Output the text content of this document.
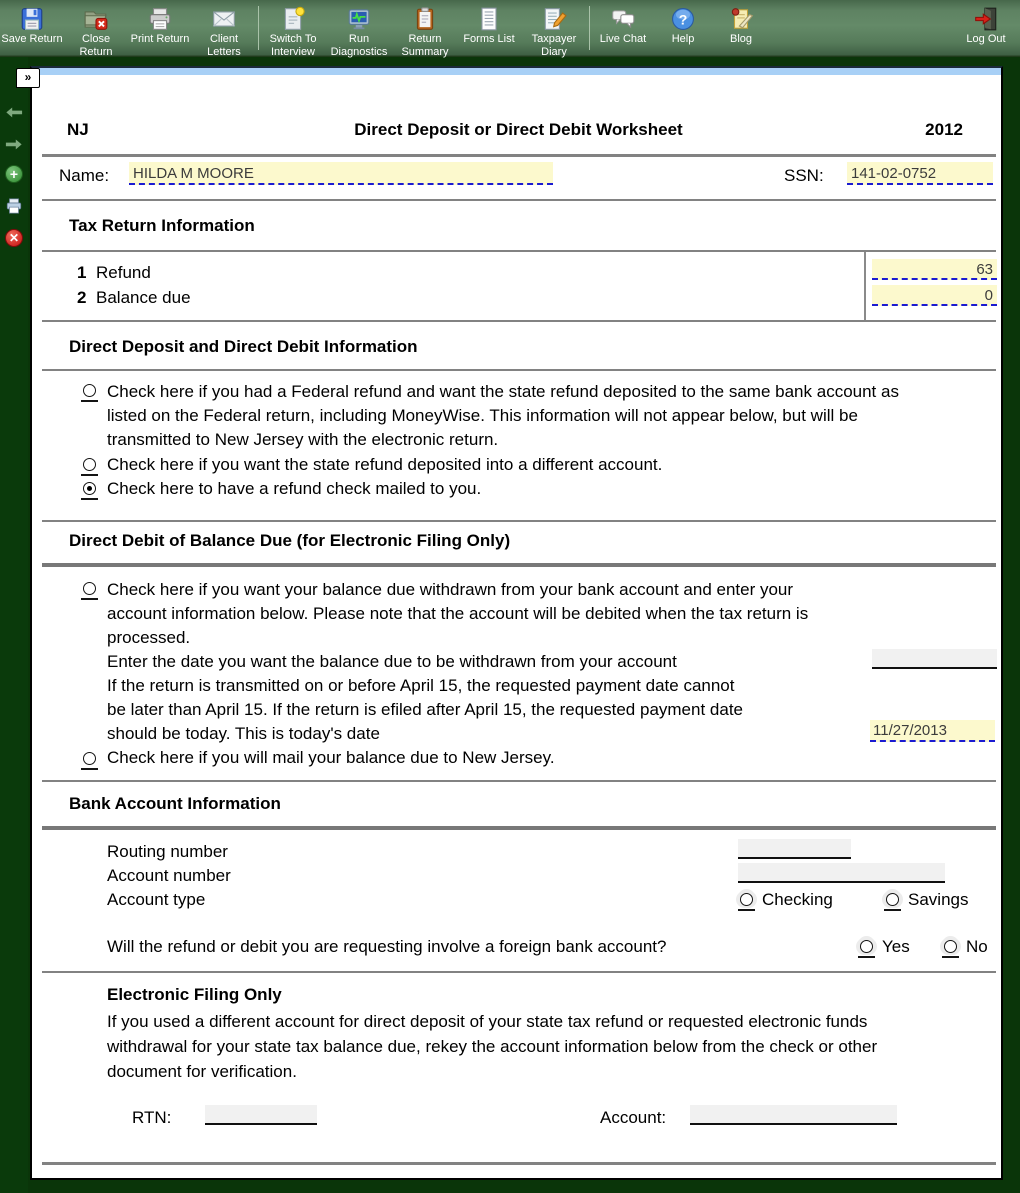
Save Return	Close Return
Print Return	Client Letters
Switch To Interview
Run Diagnostics
Return Summary
Forms List	Taxpayer Diary
Live Chat
?
Help	Blog	Log Out
+
✕
»
NJ	Direct Deposit or Direct Debit Worksheet	2012
Name: HILDA M MOORE	SSN: 141-02-0752
Tax Return Information
1 Refund	63
2 Balance due	0
Direct Deposit and Direct Debit Information
Check here if you had a Federal refund and want the state refund deposited to the same bank account as listed on the Federal return, including MoneyWise. This information will not appear below, but will be transmitted to New Jersey with the electronic return.
Check here if you want the state refund deposited into a different account.
Check here to have a refund check mailed to you.
Direct Debit of Balance Due (for Electronic Filing Only)
Check here if you want your balance due withdrawn from your bank account and enter your account information below. Please note that the account will be debited when the tax return is processed.
Enter the date you want the balance due to be withdrawn from your account
If the return is transmitted on or before April 15, the requested payment date cannot
be later than April 15. If the return is efiled after April 15, the requested payment date
should be today. This is today's date	11/27/2013
Check here if you will mail your balance due to New Jersey.
Bank Account Information
Routing number
Account number
Account type	Checking	Savings
Will the refund or debit you are requesting involve a foreign bank account?	Yes	No
Electronic Filing Only
If you used a different account for direct deposit of your state tax refund or requested electronic funds withdrawal for your state tax balance due, rekey the account information below from the check or other document for verification.
RTN:	Account:
